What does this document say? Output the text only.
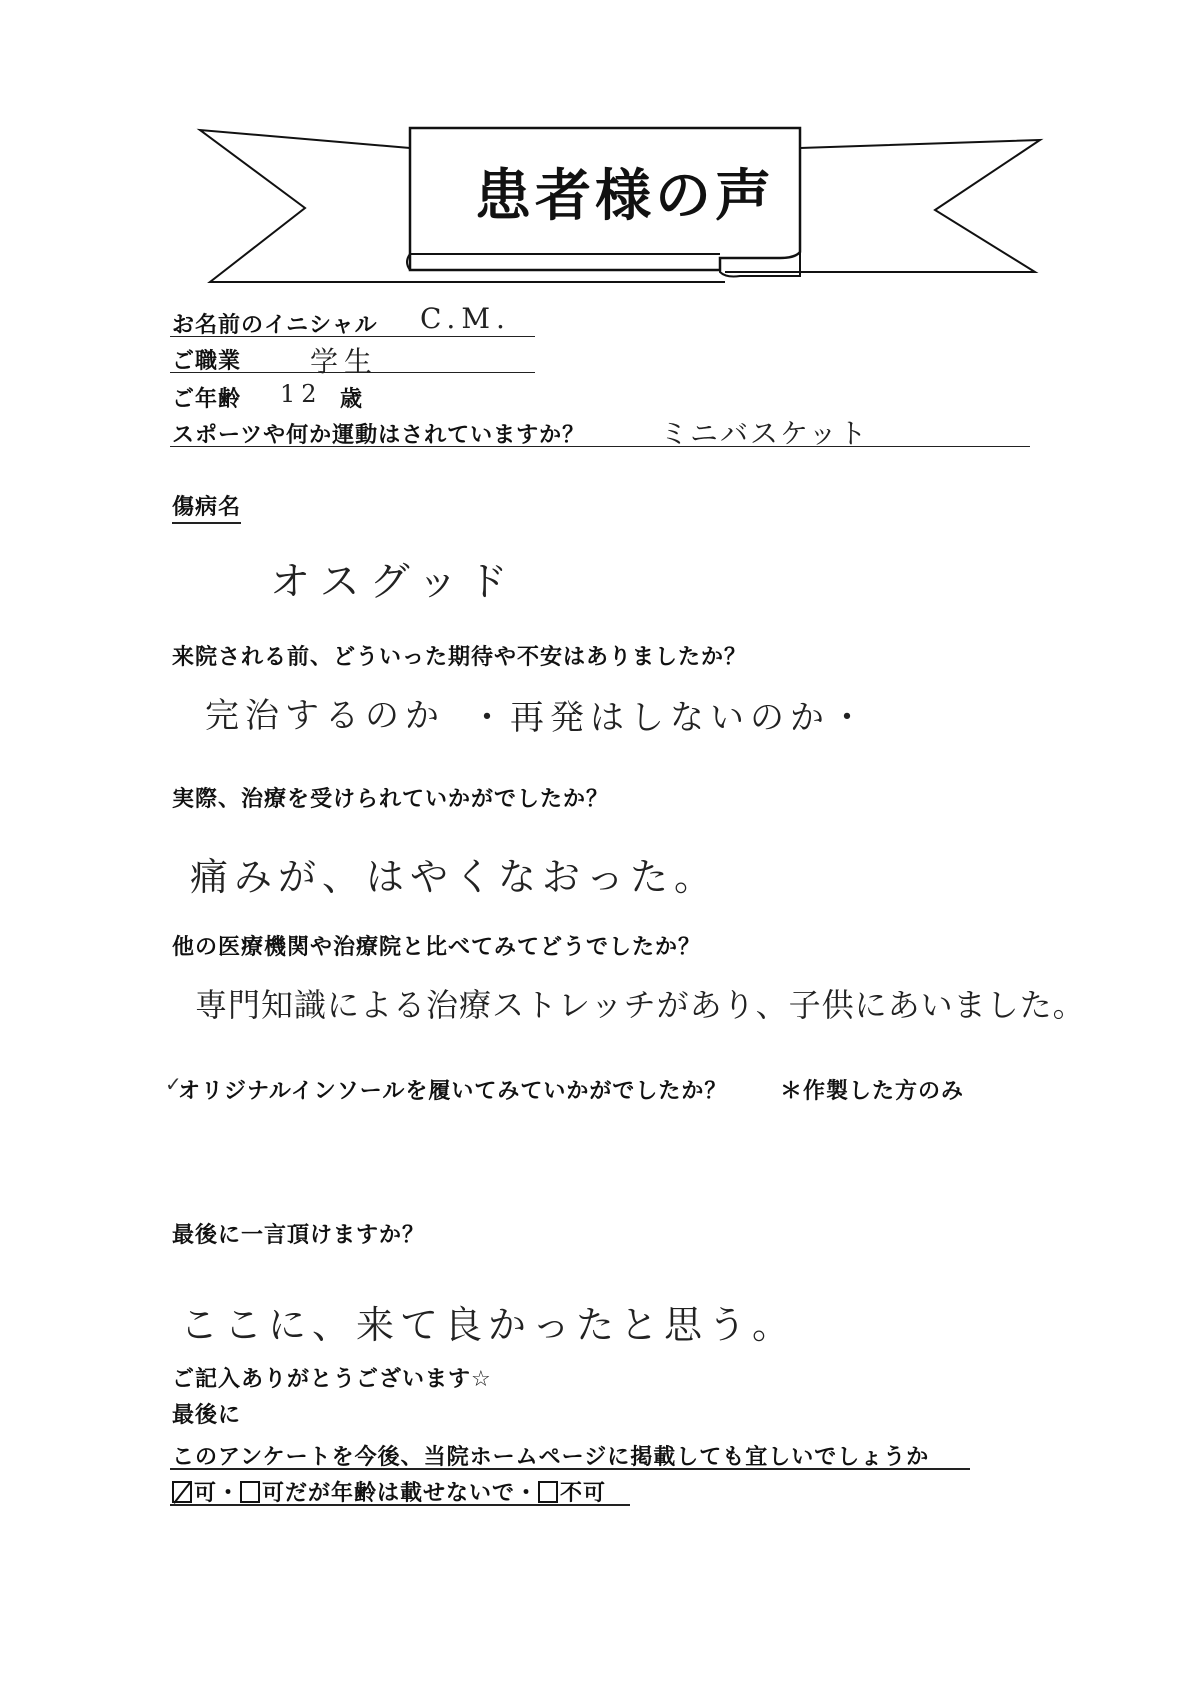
患者様の声
お名前のイニシャル C.M.
ご職業 学生
ご年齢 12 歳
スポーツや何か運動はされていますか？	ミニバスケット
傷病名
オスグッド
来院される前、どういった期待や不安はありましたか？
完治するのか ・再発はしないのか・
実際、治療を受けられていかがでしたか？
痛みが、はやくなおった。
他の医療機関や治療院と比べてみてどうでしたか？
専門知識による治療ストレッチがあり、子供にあいました。
✓
オリジナルインソールを履いてみていかがでしたか？ ＊作製した方のみ
最後に一言頂けますか？
ここに、来て良かったと思う。
ご記入ありがとうございます☆
最後に
このアンケートを今後、当院ホームページに掲載しても宜しいでしょうか
可・ 可だが年齢は載せないで・ 不可
